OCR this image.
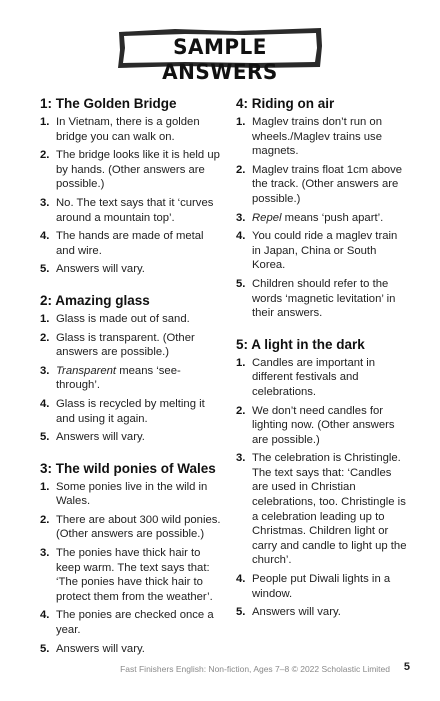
SAMPLE ANSWERS
1: The Golden Bridge
1. In Vietnam, there is a golden bridge you can walk on.
2. The bridge looks like it is held up by hands. (Other answers are possible.)
3. No. The text says that it ‘curves around a mountain top’.
4. The hands are made of metal and wire.
5. Answers will vary.
2: Amazing glass
1. Glass is made out of sand.
2. Glass is transparent. (Other answers are possible.)
3. Transparent means ‘see-through’.
4. Glass is recycled by melting it and using it again.
5. Answers will vary.
3: The wild ponies of Wales
1. Some ponies live in the wild in Wales.
2. There are about 300 wild ponies. (Other answers are possible.)
3. The ponies have thick hair to keep warm. The text says that: ‘The ponies have thick hair to protect them from the weather’.
4. The ponies are checked once a year.
5. Answers will vary.
4: Riding on air
1. Maglev trains don’t run on wheels./Maglev trains use magnets.
2. Maglev trains float 1cm above the track. (Other answers are possible.)
3. Repel means ‘push apart’.
4. You could ride a maglev train in Japan, China or South Korea.
5. Children should refer to the words ‘magnetic levitation’ in their answers.
5: A light in the dark
1. Candles are important in different festivals and celebrations.
2. We don’t need candles for lighting now. (Other answers are possible.)
3. The celebration is Christingle. The text says that: ‘Candles are used in Christian celebrations, too. Christingle is a celebration leading up to Christmas. Children light or carry and candle to light up the church’.
4. People put Diwali lights in a window.
5. Answers will vary.
Fast Finishers English: Non-fiction, Ages 7–8 © 2022 Scholastic Limited 5
